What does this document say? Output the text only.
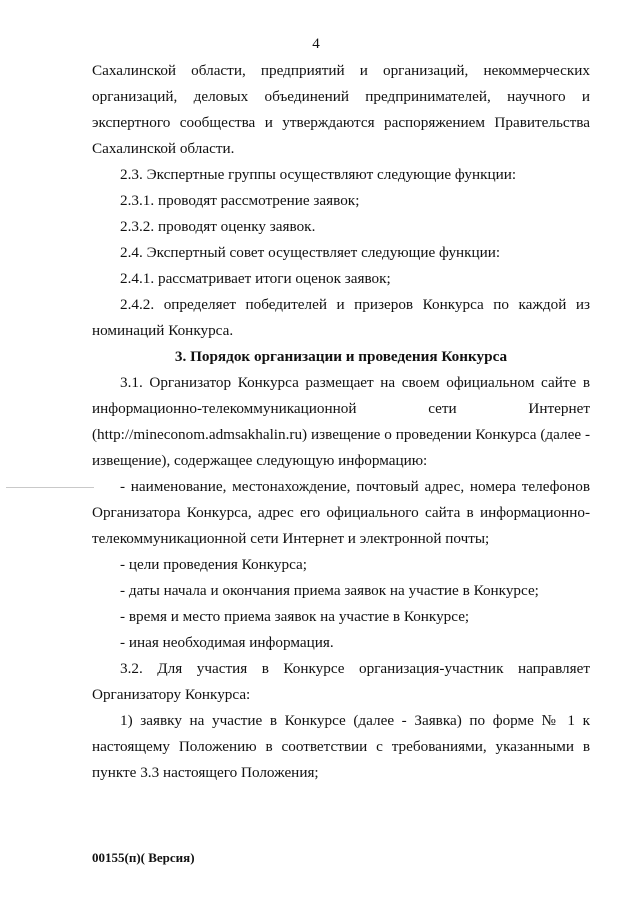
4

Сахалинской области, предприятий и организаций, некоммерческих организаций, деловых объединений предпринимателей, научного и экспертного сообщества и утверждаются распоряжением Правительства Сахалинской области.

2.3. Экспертные группы осуществляют следующие функции:

2.3.1. проводят рассмотрение заявок;

2.3.2. проводят оценку заявок.

2.4. Экспертный совет осуществляет следующие функции:

2.4.1. рассматривает итоги оценок заявок;

2.4.2. определяет победителей и призеров Конкурса по каждой из номинаций Конкурса.

3. Порядок организации и проведения Конкурса

3.1. Организатор Конкурса размещает на своем официальном сайте в информационно-телекоммуникационной сети Интернет (http://mineconom.admsakhalin.ru) извещение о проведении Конкурса (далее - извещение), содержащее следующую информацию:

- наименование, местонахождение, почтовый адрес, номера телефонов Организатора Конкурса, адрес его официального сайта в информационно-телекоммуникационной сети Интернет и электронной почты;

- цели проведения Конкурса;

- даты начала и окончания приема заявок на участие в Конкурсе;

- время и место приема заявок на участие в Конкурсе;

- иная необходимая информация.

3.2. Для участия в Конкурсе организация-участник направляет Организатору Конкурса:

1) заявку на участие в Конкурсе (далее - Заявка) по форме № 1 к настоящему Положению в соответствии с требованиями, указанными в пункте 3.3 настоящего Положения;

00155(п)( Версия)
